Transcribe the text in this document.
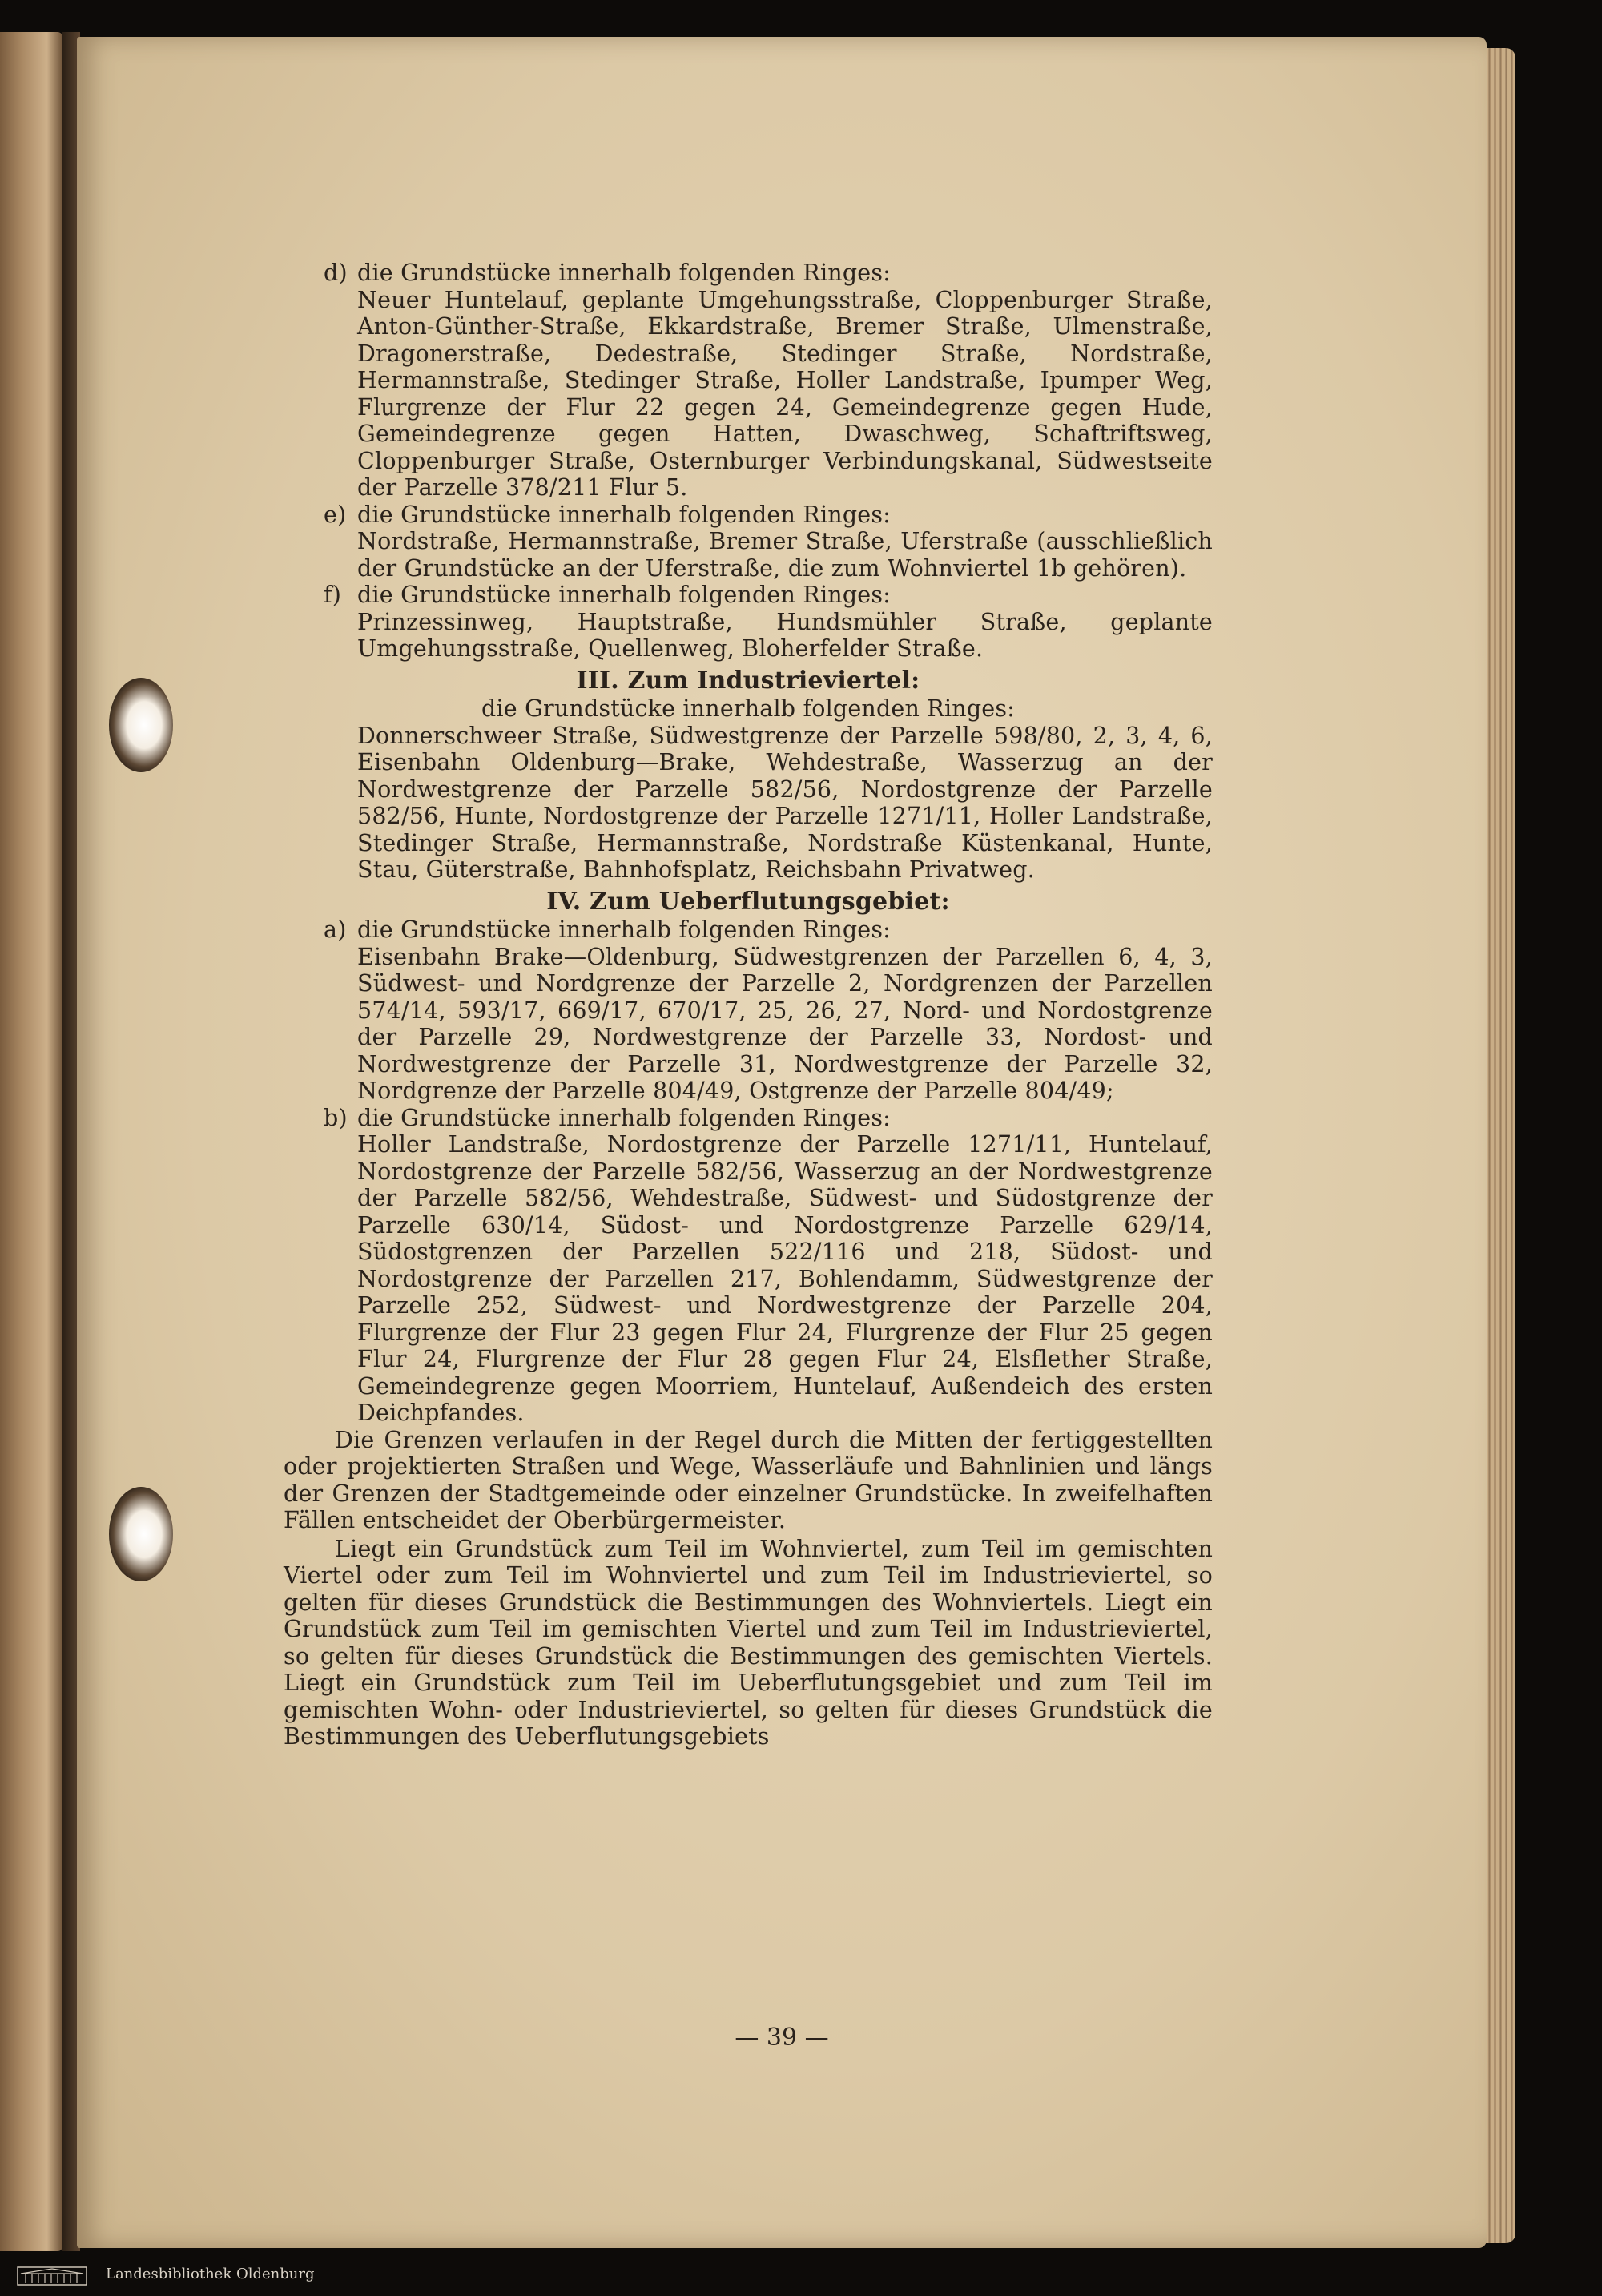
d) die Grundstücke innerhalb folgenden Ringes:
Neuer Huntelauf, geplante Umgehungsstraße, Cloppenburger Straße, Anton-Günther-Straße, Ekkardstraße, Bremer Straße, Ulmenstraße, Dragonerstraße, Dedestraße, Stedinger Straße, Nordstraße, Hermannstraße, Stedinger Straße, Holler Landstraße, Ipumper Weg, Flurgrenze der Flur 22 gegen 24, Gemeindegrenze gegen Hude, Gemeindegrenze gegen Hatten, Dwaschweg, Schaftriftsweg, Cloppenburger Straße, Osternburger Verbindungskanal, Südwestseite der Parzelle 378/211 Flur 5.
e) die Grundstücke innerhalb folgenden Ringes:
Nordstraße, Hermannstraße, Bremer Straße, Uferstraße (ausschließlich der Grundstücke an der Uferstraße, die zum Wohnviertel 1b gehören).
f) die Grundstücke innerhalb folgenden Ringes:
Prinzessinweg, Hauptstraße, Hundsmühler Straße, geplante Umgehungsstraße, Quellenweg, Bloherfelder Straße.
III. Zum Industrieviertel:
die Grundstücke innerhalb folgenden Ringes:
Donnerschweer Straße, Südwestgrenze der Parzelle 598/80, 2, 3, 4, 6, Eisenbahn Oldenburg—Brake, Wehdestraße, Wasserzug an der Nordwestgrenze der Parzelle 582/56, Nordostgrenze der Parzelle 582/56, Hunte, Nordostgrenze der Parzelle 1271/11, Holler Landstraße, Stedinger Straße, Hermannstraße, Nordstraße Küstenkanal, Hunte, Stau, Güterstraße, Bahnhofsplatz, Reichsbahn Privatweg.
IV. Zum Ueberflutungsgebiet:
a) die Grundstücke innerhalb folgenden Ringes:
Eisenbahn Brake—Oldenburg, Südwestgrenzen der Parzellen 6, 4, 3, Südwest- und Nordgrenze der Parzelle 2, Nordgrenzen der Parzellen 574/14, 593/17, 669/17, 670/17, 25, 26, 27, Nord- und Nordostgrenze der Parzelle 29, Nordwestgrenze der Parzelle 33, Nordost- und Nordwestgrenze der Parzelle 31, Nordwestgrenze der Parzelle 32, Nordgrenze der Parzelle 804/49, Ostgrenze der Parzelle 804/49;
b) die Grundstücke innerhalb folgenden Ringes:
Holler Landstraße, Nordostgrenze der Parzelle 1271/11, Huntelauf, Nordostgrenze der Parzelle 582/56, Wasserzug an der Nordwestgrenze der Parzelle 582/56, Wehdestraße, Südwest- und Südostgrenze der Parzelle 630/14, Südost- und Nordostgrenze Parzelle 629/14, Südostgrenzen der Parzellen 522/116 und 218, Südost- und Nordostgrenze der Parzellen 217, Bohlendamm, Südwestgrenze der Parzelle 252, Südwest- und Nordwestgrenze der Parzelle 204, Flurgrenze der Flur 23 gegen Flur 24, Flurgrenze der Flur 25 gegen Flur 24, Flurgrenze der Flur 28 gegen Flur 24, Elsflether Straße, Gemeindegrenze gegen Moorriem, Huntelauf, Außendeich des ersten Deichpfandes.
Die Grenzen verlaufen in der Regel durch die Mitten der fertiggestellten oder projektierten Straßen und Wege, Wasserläufe und Bahnlinien und längs der Grenzen der Stadtgemeinde oder einzelner Grundstücke. In zweifelhaften Fällen entscheidet der Oberbürgermeister.
Liegt ein Grundstück zum Teil im Wohnviertel, zum Teil im gemischten Viertel oder zum Teil im Wohnviertel und zum Teil im Industrieviertel, so gelten für dieses Grundstück die Bestimmungen des Wohnviertels. Liegt ein Grundstück zum Teil im gemischten Viertel und zum Teil im Industrieviertel, so gelten für dieses Grundstück die Bestimmungen des gemischten Viertels. Liegt ein Grundstück zum Teil im Ueberflutungsgebiet und zum Teil im gemischten Wohn- oder Industrieviertel, so gelten für dieses Grundstück die Bestimmungen des Ueberflutungsgebiets
— 39 —
Landesbibliothek Oldenburg
